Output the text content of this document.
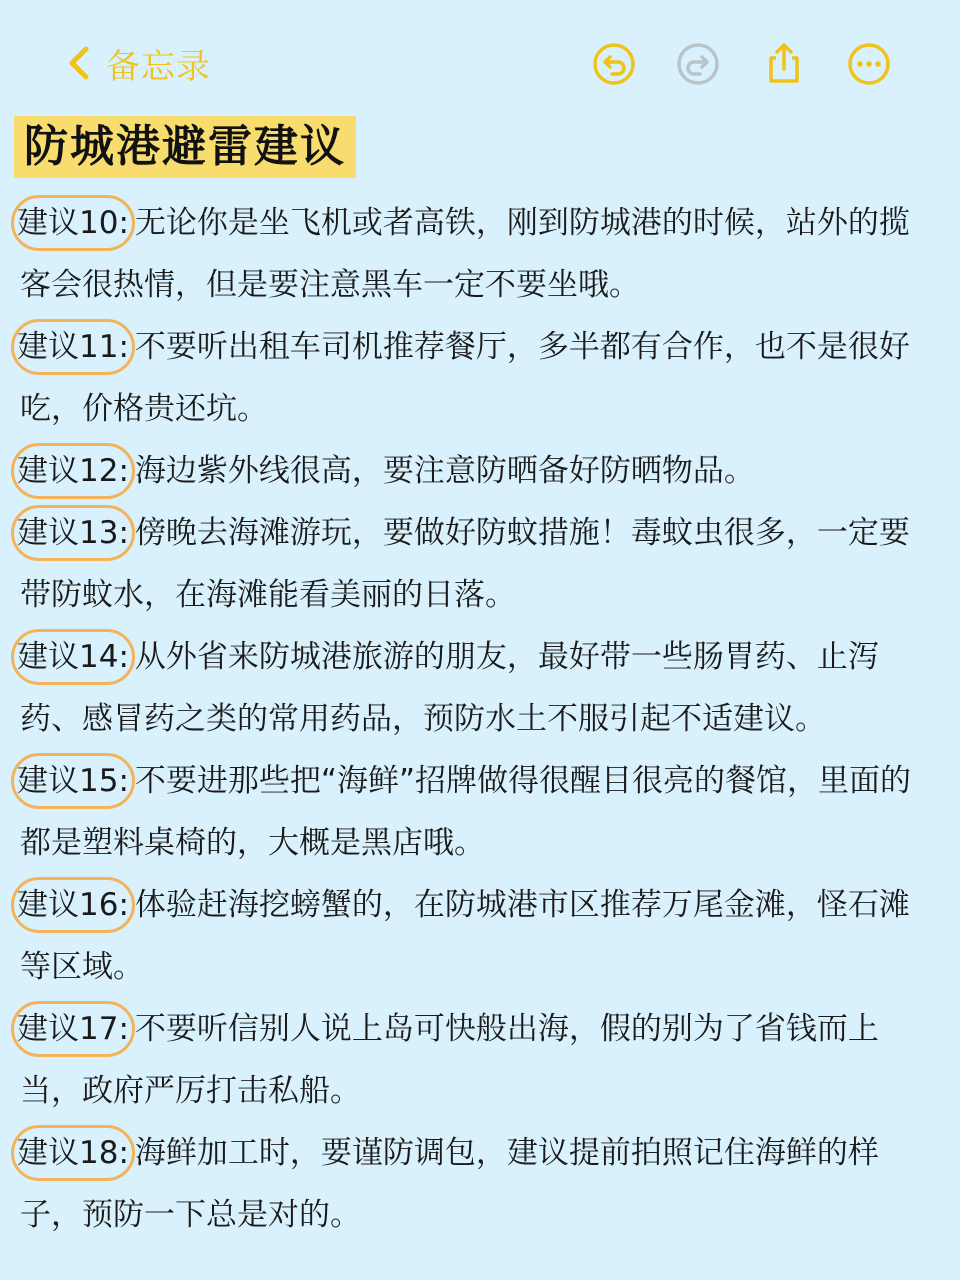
备忘录
防城港避雷建议

建议10: 无论你是坐飞机或者高铁，刚到防城港的时候，站外的揽客会很热情，但是要注意黑车一定不要坐哦。

建议11: 不要听出租车司机推荐餐厅，多半都有合作，也不是很好吃，价格贵还坑。

建议12: 海边紫外线很高，要注意防晒备好防晒物品。

建议13: 傍晚去海滩游玩，要做好防蚊措施！毒蚊虫很多，一定要带防蚊水，在海滩能看美丽的日落。

建议14: 从外省来防城港旅游的朋友，最好带一些肠胃药、止泻药、感冒药之类的常用药品，预防水土不服引起不适建议。

建议15: 不要进那些把“海鲜”招牌做得很醒目很亮的餐馆，里面的都是塑料桌椅的，大概是黑店哦。

建议16: 体验赶海挖螃蟹的，在防城港市区推荐万尾金滩，怪石滩等区域。

建议17: 不要听信别人说上岛可快般出海，假的别为了省钱而上当，政府严厉打击私船。

建议18: 海鲜加工时，要谨防调包，建议提前拍照记住海鲜的样子，预防一下总是对的。
